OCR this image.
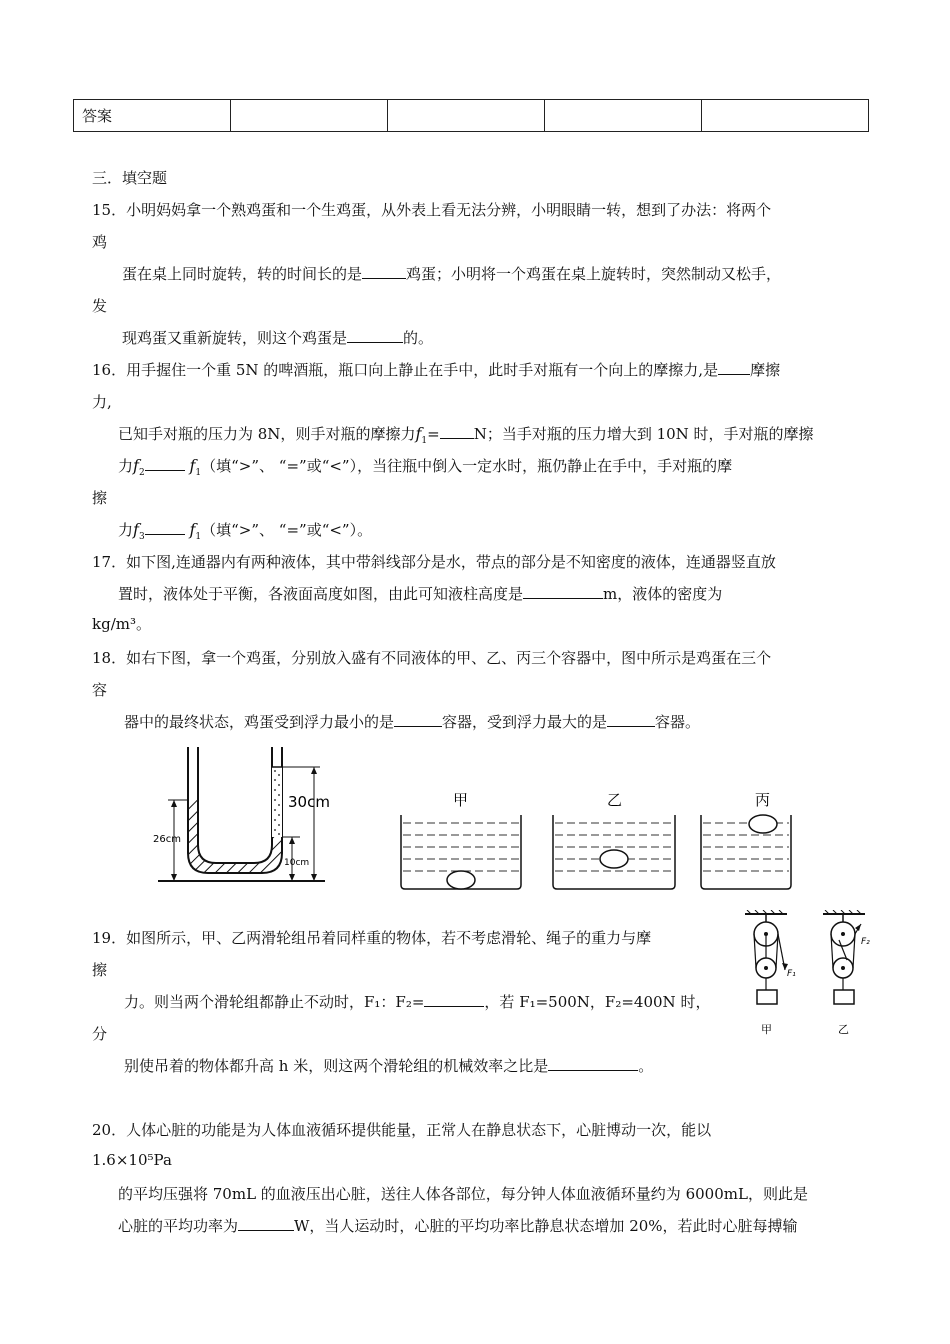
答案				
三．填空题
15．小明妈妈拿一个熟鸡蛋和一个生鸡蛋，从外表上看无法分辨，小明眼睛一转，想到了办法：将两个
鸡
蛋在桌上同时旋转，转的时间长的是	鸡蛋；小明将一个鸡蛋在桌上旋转时，突然制动又松手，
发
现鸡蛋又重新旋转，则这个鸡蛋是	的。
16．用手握住一个重 5N 的啤酒瓶，瓶口向上静止在手中，此时手对瓶有一个向上的摩擦力,是 摩擦
力,
已知手对瓶的压力为 8N，则手对瓶的摩擦力$f_1= N$；当手对瓶的压力增大到 10N 时，手对瓶的摩擦
力$f_2$	$f_1$（填“>”、 “=”或“<”），当往瓶中倒入一定水时，瓶仍静止在手中，手对瓶的摩
擦
力$f_3$	$f_1$（填“>”、 “=”或“<”）。
17．如下图,连通器内有两种液体，其中带斜线部分是水，带点的部分是不知密度的液体，连通器竖直放
置时，液体处于平衡，各液面高度如图，由此可知液柱高度是	m，液体的密度为
kg/m³。
18．如右下图，拿一个鸡蛋，分别放入盛有不同液体的甲、乙、丙三个容器中，图中所示是鸡蛋在三个
容
器中的最终状态，鸡蛋受到浮力最小的是	容器，受到浮力最大的是	容器。
26cm
30cm
10cm
甲	乙	丙
19．如图所示，甲、乙两滑轮组吊着同样重的物体，若不考虑滑轮、绳子的重力与摩
擦
力。则当两个滑轮组都静止不动时，F₁：F₂=	，若 F₁=500N，F₂=400N 时，
分
别使吊着的物体都升高 h 米，则这两个滑轮组的机械效率之比是	。
F₁
甲
F₂
乙
20．人体心脏的功能是为人体血液循环提供能量，正常人在静息状态下，心脏博动一次，能以
1.6×10⁵Pa
的平均压强将 70mL 的血液压出心脏，送往人体各部位，每分钟人体血液循环量约为 6000mL，则此是
心脏的平均功率为	W，当人运动时，心脏的平均功率比静息状态增加 20%，若此时心脏每搏输
